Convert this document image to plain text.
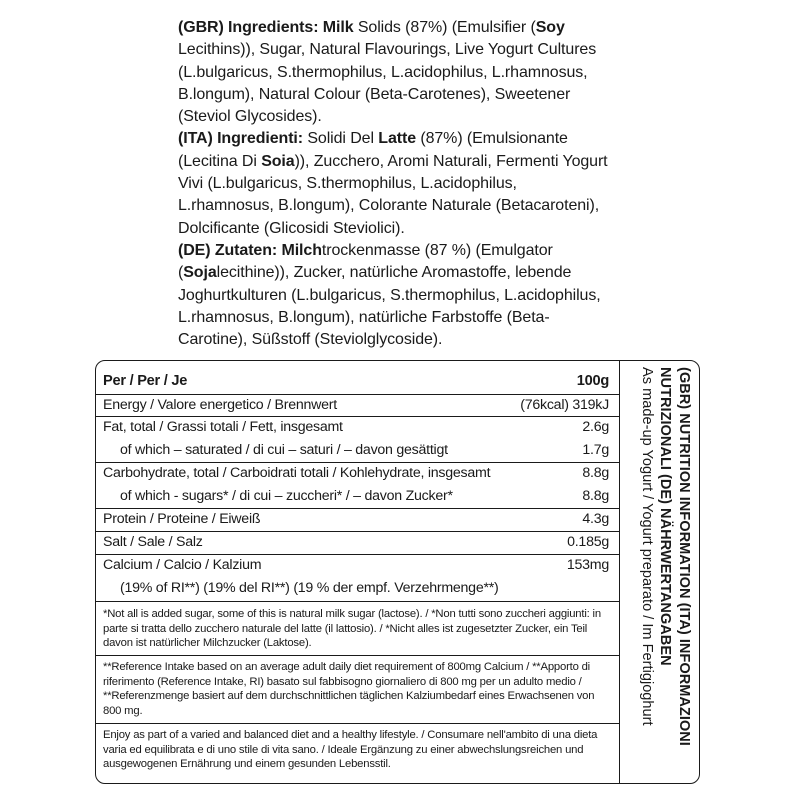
(GBR) Ingredients: Milk Solids (87%) (Emulsifier (Soy Lecithins)), Sugar, Natural Flavourings, Live Yogurt Cultures (L.bulgaricus, S.thermophilus, L.acidophilus, L.rhamnosus, B.longum), Natural Colour (Beta-Carotenes), Sweetener (Steviol Glycosides).

(ITA) Ingredienti: Solidi Del Latte (87%) (Emulsionante (Lecitina Di Soia)), Zucchero, Aromi Naturali, Fermenti Yogurt Vivi (L.bulgaricus, S.thermophilus, L.acidophilus, L.rhamnosus, B.longum), Colorante Naturale (Betacaroteni), Dolcificante (Glicosidi Steviolici).

(DE) Zutaten: Milchtrockenmasse (87 %) (Emulgator (Sojalecithine)), Zucker, natürliche Aromastoffe, lebende Joghurtkulturen (L.bulgaricus, S.thermophilus, L.acidophilus, L.rhamnosus, B.longum), natürliche Farbstoffe (Beta-Carotine), Süßstoff (Steviolglycoside).

Per / Per / Je	100g
Energy / Valore energetico / Brennwert	(76kcal) 319kJ
Fat, total / Grassi totali / Fett, insgesamt	2.6g
of which – saturated / di cui – saturi / – davon gesättigt	1.7g
Carbohydrate, total / Carboidrati totali / Kohlehydrate, insgesamt	8.8g
of which - sugars* / di cui – zuccheri* / – davon Zucker*	8.8g
Protein / Proteine / Eiweiß	4.3g
Salt / Sale / Salz	0.185g
Calcium / Calcio / Kalzium	153mg
(19% of RI**) (19% del RI**) (19 % der empf. Verzehrmenge**)

*Not all is added sugar, some of this is natural milk sugar (lactose). / *Non tutti sono zuccheri aggiunti: in parte si tratta dello zucchero naturale del latte (il lattosio). / *Nicht alles ist zugesetzter Zucker, ein Teil davon ist natürlicher Milchzucker (Laktose).

**Reference Intake based on an average adult daily diet requirement of 800mg Calcium / **Apporto di riferimento (Reference Intake, RI) basato sul fabbisogno giornaliero di 800 mg per un adulto medio / **Referenzmenge basiert auf dem durchschnittlichen täglichen Kalziumbedarf eines Erwachsenen von 800 mg.

Enjoy as part of a varied and balanced diet and a healthy lifestyle. / Consumare nell'ambito di una dieta varia ed equilibrata e di uno stile di vita sano. / Ideale Ergänzung zu einer abwechslungsreichen und ausgewogenen Ernährung und einem gesunden Lebensstil.

(GBR) NUTRITION INFORMATION (ITA) INFORMAZIONI NUTRIZIONALI (DE) NÄHRWERTANGABEN
As made-up Yogurt / Yogurt preparato / Im Fertigjoghurt
